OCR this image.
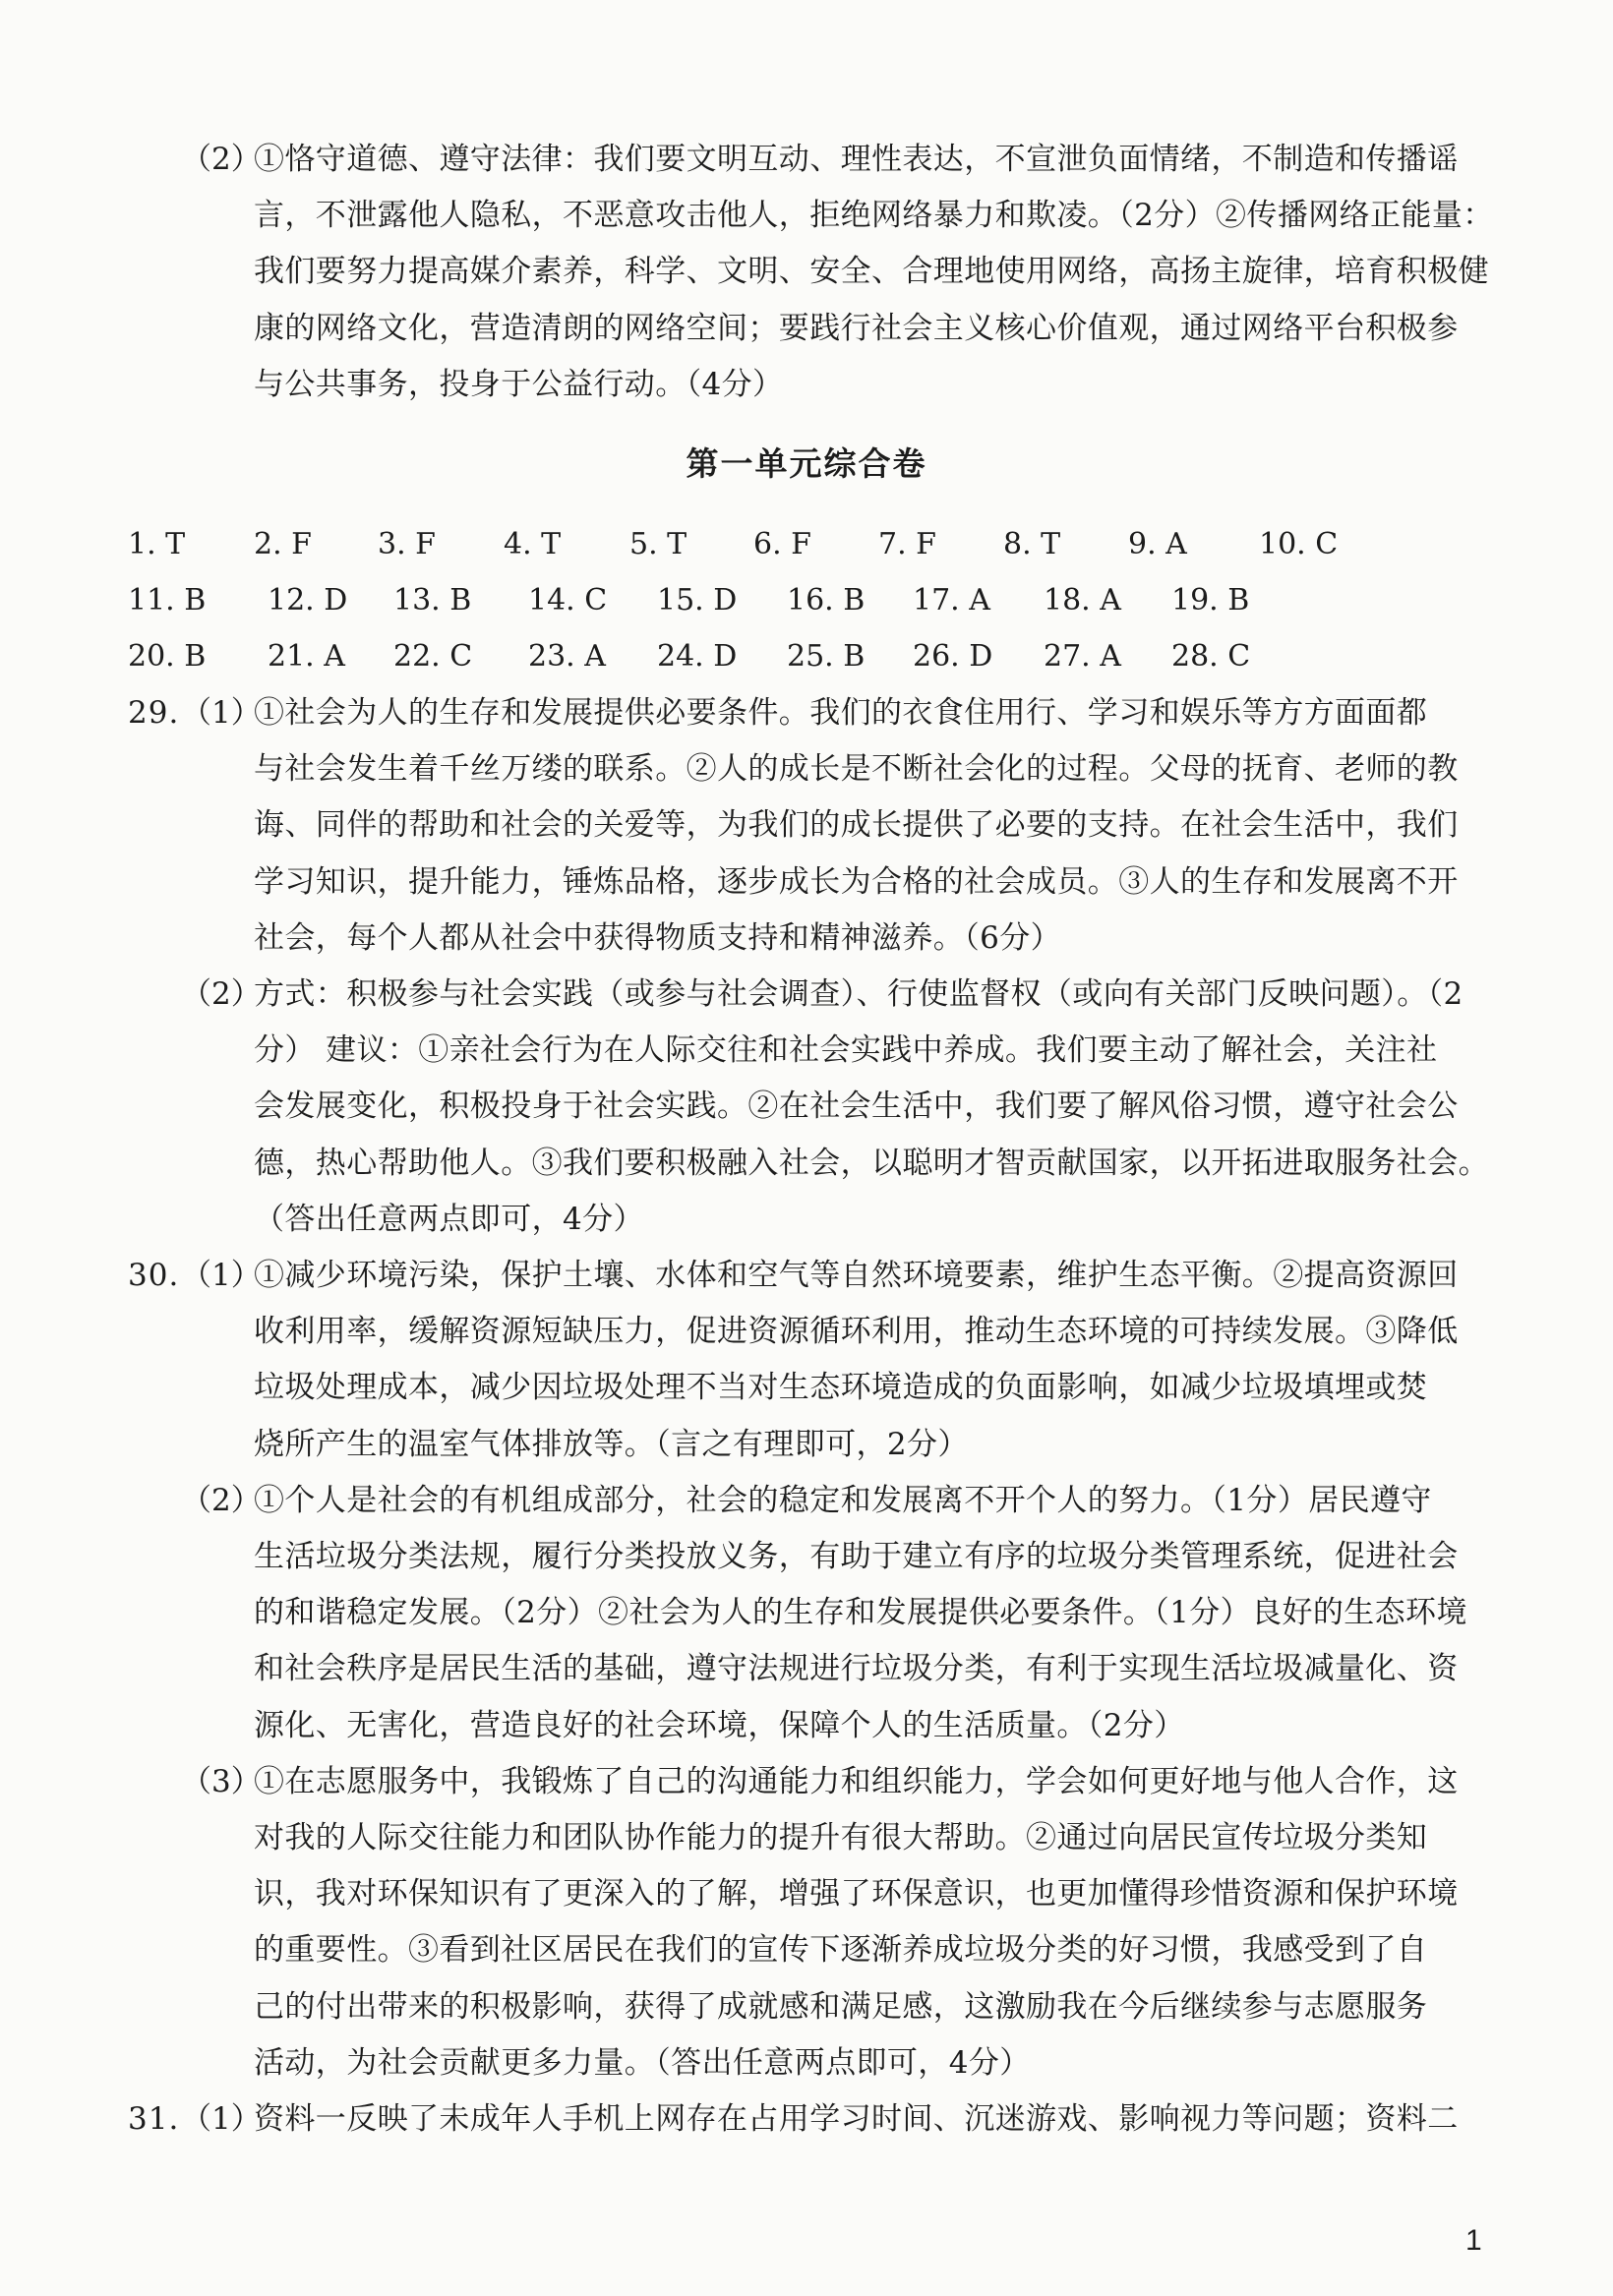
（2）
①恪守道德、遵守法律：我们要文明互动、理性表达，不宣泄负面情绪，不制造和传播谣
言，不泄露他人隐私，不恶意攻击他人，拒绝网络暴力和欺凌。（2分）②传播网络正能量：
我们要努力提高媒介素养，科学、文明、安全、合理地使用网络，高扬主旋律，培育积极健
康的网络文化，营造清朗的网络空间；要践行社会主义核心价值观，通过网络平台积极参
与公共事务，投身于公益行动。（4分）
1. T 2. F 3. F 4. T 5. T 6. F 7. F 8. T 9. A 10. C
11. B 12. D 13. B 14. C 15. D 16. B 17. A 18. A 19. B
20. B 21. A 22. C 23. A 24. D 25. B 26. D 27. A 28. C
29. （1）
①社会为人的生存和发展提供必要条件。我们的衣食住用行、学习和娱乐等方方面面都
与社会发生着千丝万缕的联系。②人的成长是不断社会化的过程。父母的抚育、老师的教
诲、同伴的帮助和社会的关爱等，为我们的成长提供了必要的支持。在社会生活中，我们
学习知识，提升能力，锤炼品格，逐步成长为合格的社会成员。③人的生存和发展离不开
社会，每个人都从社会中获得物质支持和精神滋养。（6分）
（2）
方式：积极参与社会实践（或参与社会调查）、行使监督权（或向有关部门反映问题）。（2
分） 建议：①亲社会行为在人际交往和社会实践中养成。我们要主动了解社会，关注社
会发展变化，积极投身于社会实践。②在社会生活中，我们要了解风俗习惯，遵守社会公
德，热心帮助他人。③我们要积极融入社会，以聪明才智贡献国家，以开拓进取服务社会。
（答出任意两点即可，4分）
30. （1）
①减少环境污染，保护土壤、水体和空气等自然环境要素，维护生态平衡。②提高资源回
收利用率，缓解资源短缺压力，促进资源循环利用，推动生态环境的可持续发展。③降低
垃圾处理成本，减少因垃圾处理不当对生态环境造成的负面影响，如减少垃圾填埋或焚
烧所产生的温室气体排放等。（言之有理即可，2分）
（2）
①个人是社会的有机组成部分，社会的稳定和发展离不开个人的努力。（1分）居民遵守
生活垃圾分类法规，履行分类投放义务，有助于建立有序的垃圾分类管理系统，促进社会
的和谐稳定发展。（2分）②社会为人的生存和发展提供必要条件。（1分）良好的生态环境
和社会秩序是居民生活的基础，遵守法规进行垃圾分类，有利于实现生活垃圾减量化、资
源化、无害化，营造良好的社会环境，保障个人的生活质量。（2分）
（3）
①在志愿服务中，我锻炼了自己的沟通能力和组织能力，学会如何更好地与他人合作，这
对我的人际交往能力和团队协作能力的提升有很大帮助。②通过向居民宣传垃圾分类知
识，我对环保知识有了更深入的了解，增强了环保意识，也更加懂得珍惜资源和保护环境
的重要性。③看到社区居民在我们的宣传下逐渐养成垃圾分类的好习惯，我感受到了自
己的付出带来的积极影响，获得了成就感和满足感，这激励我在今后继续参与志愿服务
活动，为社会贡献更多力量。（答出任意两点即可，4分）
31. （1）
资料一反映了未成年人手机上网存在占用学习时间、沉迷游戏、影响视力等问题；资料二
第一单元综合卷
1
